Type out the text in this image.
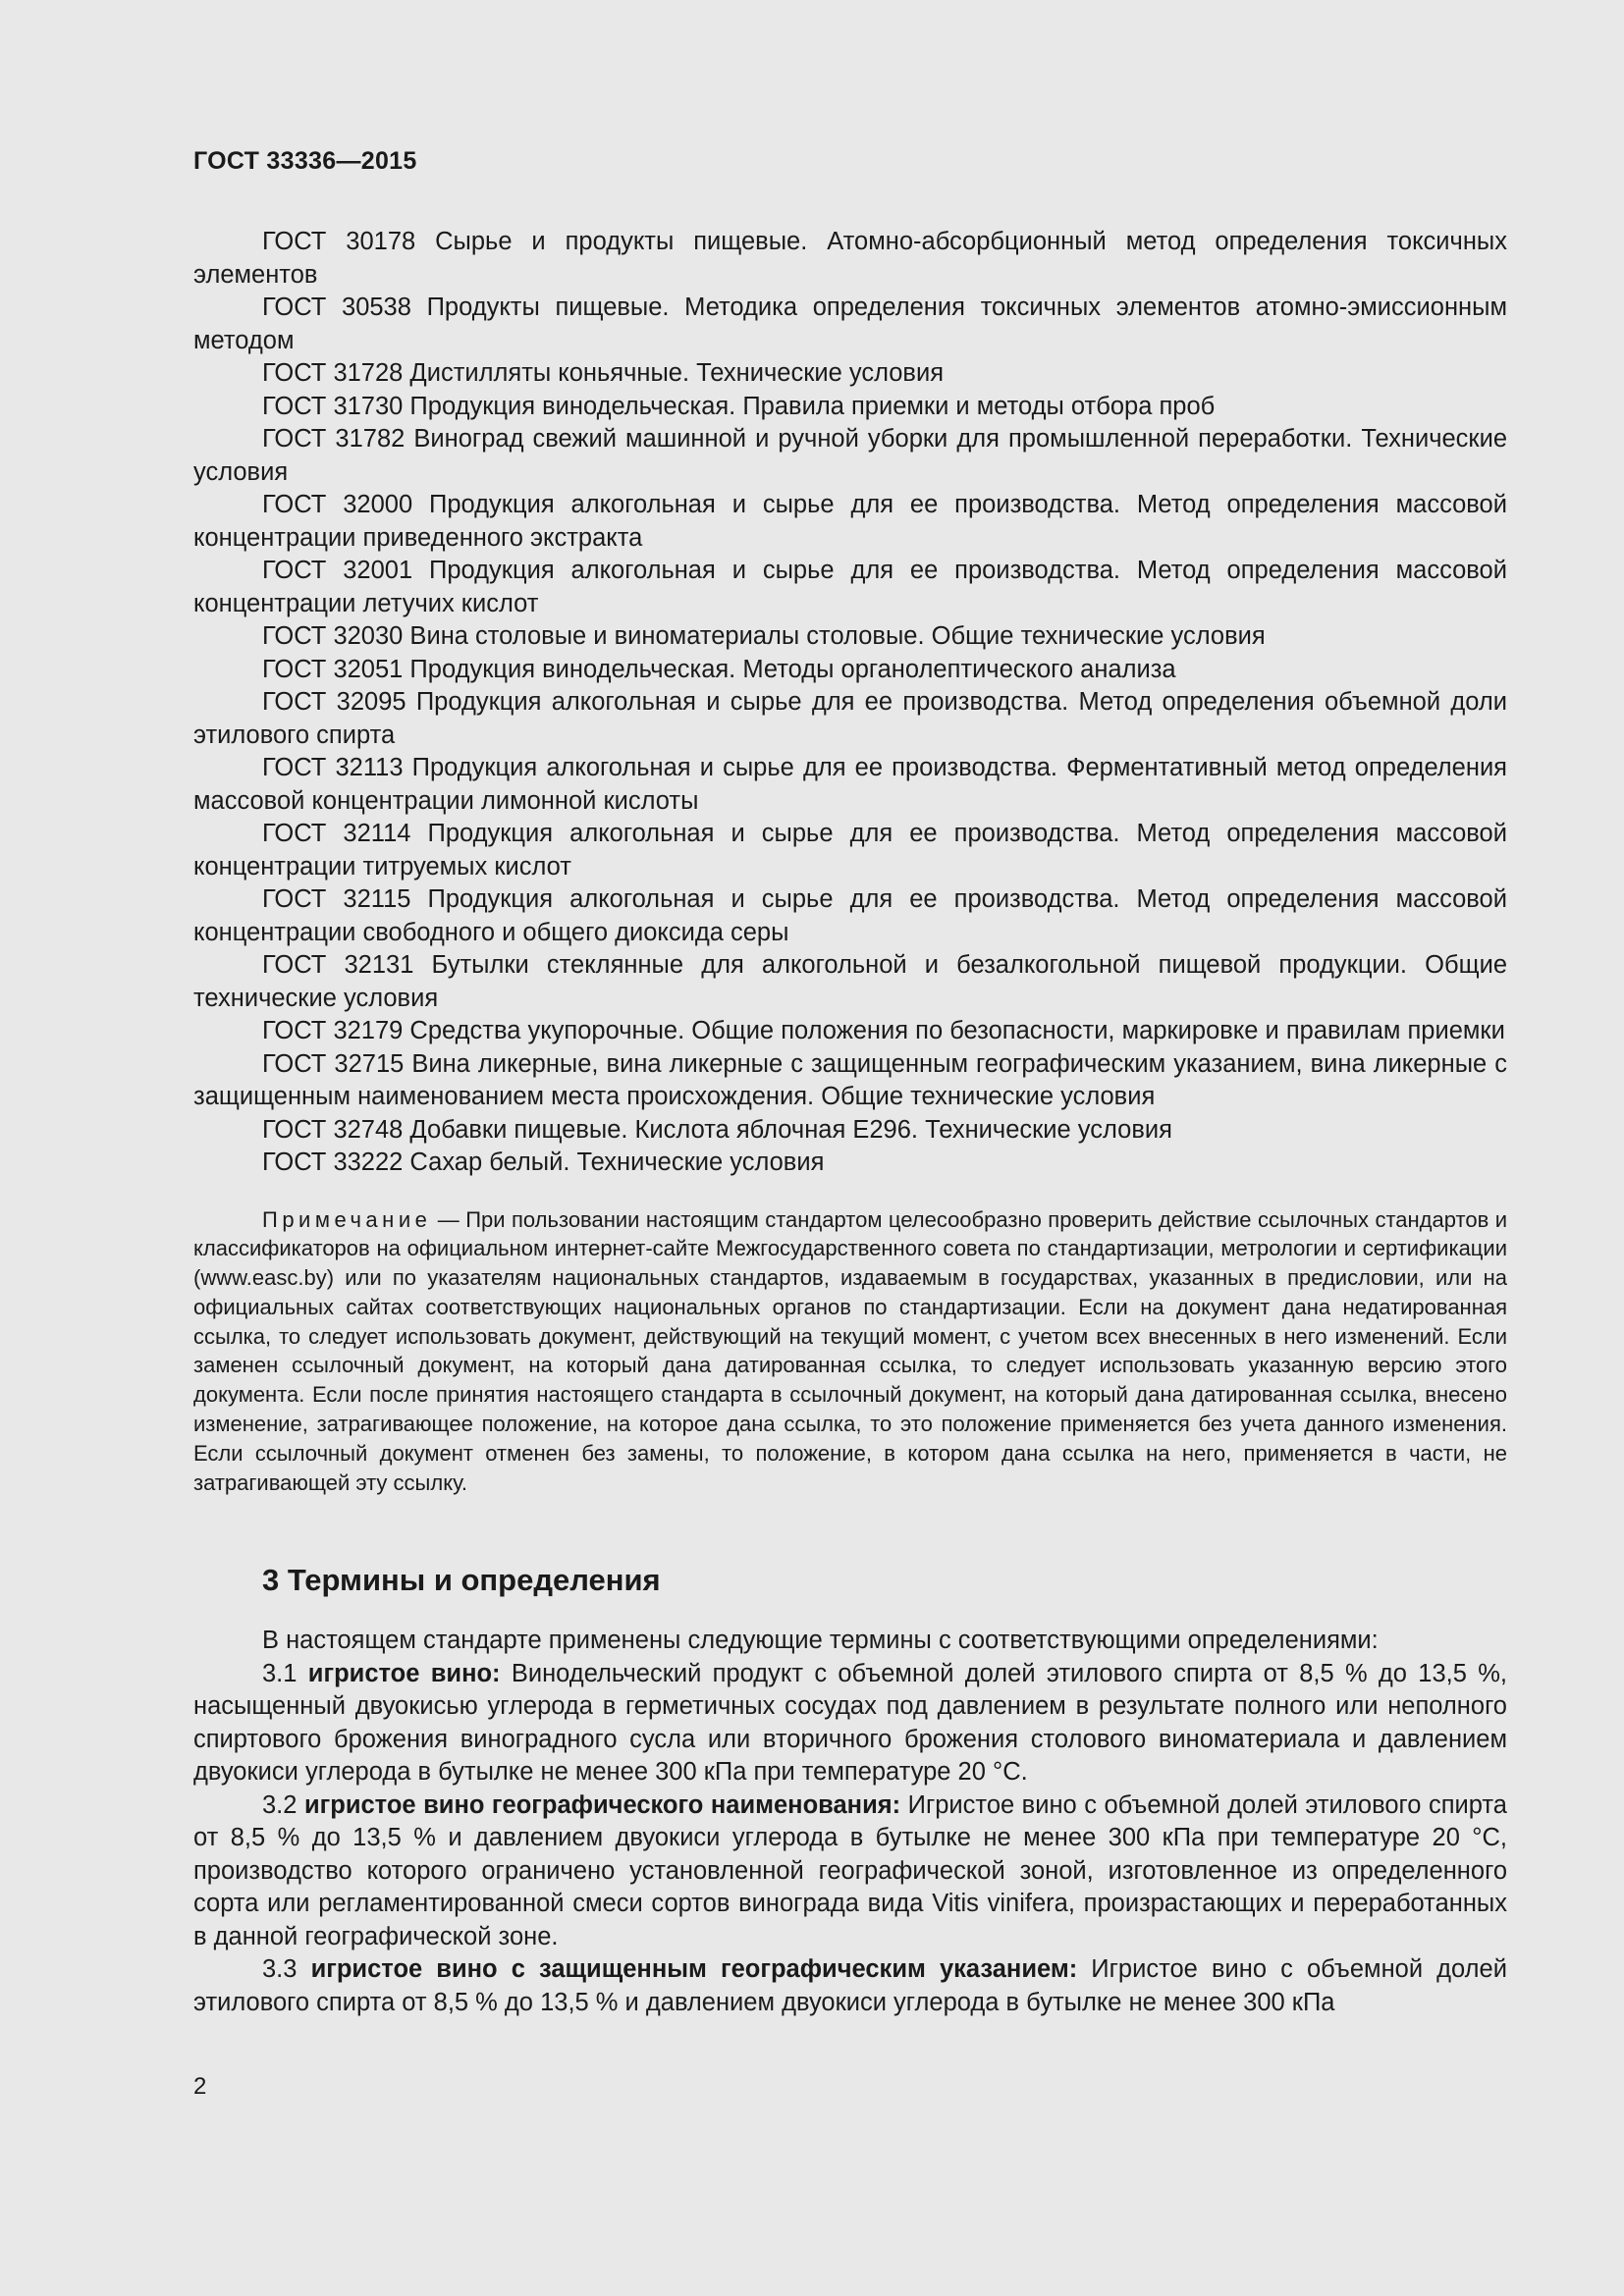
ГОСТ 33336—2015

ГОСТ 30178 Сырье и продукты пищевые. Атомно-абсорбционный метод определения токсичных элементов

ГОСТ 30538 Продукты пищевые. Методика определения токсичных элементов атомно-эмиссионным методом

ГОСТ 31728 Дистилляты коньячные. Технические условия

ГОСТ 31730 Продукция винодельческая. Правила приемки и методы отбора проб

ГОСТ 31782 Виноград свежий машинной и ручной уборки для промышленной переработки. Технические условия

ГОСТ 32000 Продукция алкогольная и сырье для ее производства. Метод определения массовой концентрации приведенного экстракта

ГОСТ 32001 Продукция алкогольная и сырье для ее производства. Метод определения массовой концентрации летучих кислот

ГОСТ 32030 Вина столовые и виноматериалы столовые. Общие технические условия

ГОСТ 32051 Продукция винодельческая. Методы органолептического анализа

ГОСТ 32095 Продукция алкогольная и сырье для ее производства. Метод определения объемной доли этилового спирта

ГОСТ 32113 Продукция алкогольная и сырье для ее производства. Ферментативный метод определения массовой концентрации лимонной кислоты

ГОСТ 32114 Продукция алкогольная и сырье для ее производства. Метод определения массовой концентрации титруемых кислот

ГОСТ 32115 Продукция алкогольная и сырье для ее производства. Метод определения массовой концентрации свободного и общего диоксида серы

ГОСТ 32131 Бутылки стеклянные для алкогольной и безалкогольной пищевой продукции. Общие технические условия

ГОСТ 32179 Средства укупорочные. Общие положения по безопасности, маркировке и правилам приемки

ГОСТ 32715 Вина ликерные, вина ликерные с защищенным географическим указанием, вина ликерные с защищенным наименованием места происхождения. Общие технические условия

ГОСТ 32748 Добавки пищевые. Кислота яблочная Е296. Технические условия

ГОСТ 33222 Сахар белый. Технические условия

Примечание — При пользовании настоящим стандартом целесообразно проверить действие ссылочных стандартов и классификаторов на официальном интернет-сайте Межгосударственного совета по стандартизации, метрологии и сертификации (www.easc.by) или по указателям национальных стандартов, издаваемым в государствах, указанных в предисловии, или на официальных сайтах соответствующих национальных органов по стандартизации. Если на документ дана недатированная ссылка, то следует использовать документ, действующий на текущий момент, с учетом всех внесенных в него изменений. Если заменен ссылочный документ, на который дана датированная ссылка, то следует использовать указанную версию этого документа. Если после принятия настоящего стандарта в ссылочный документ, на который дана датированная ссылка, внесено изменение, затрагивающее положение, на которое дана ссылка, то это положение применяется без учета данного изменения. Если ссылочный документ отменен без замены, то положение, в котором дана ссылка на него, применяется в части, не затрагивающей эту ссылку.

3 Термины и определения

В настоящем стандарте применены следующие термины с соответствующими определениями:

3.1 игристое вино: Винодельческий продукт с объемной долей этилового спирта от 8,5 % до 13,5 %, насыщенный двуокисью углерода в герметичных сосудах под давлением в результате полного или неполного спиртового брожения виноградного сусла или вторичного брожения столового виноматериала и давлением двуокиси углерода в бутылке не менее 300 кПа при температуре 20 °С.

3.2 игристое вино географического наименования: Игристое вино с объемной долей этилового спирта от 8,5 % до 13,5 % и давлением двуокиси углерода в бутылке не менее 300 кПа при температуре 20 °С, производство которого ограничено установленной географической зоной, изготовленное из определенного сорта или регламентированной смеси сортов винограда вида Vitis vinifera, произрастающих и переработанных в данной географической зоне.

3.3 игристое вино с защищенным географическим указанием: Игристое вино с объемной долей этилового спирта от 8,5 % до 13,5 % и давлением двуокиси углерода в бутылке не менее 300 кПа

2
